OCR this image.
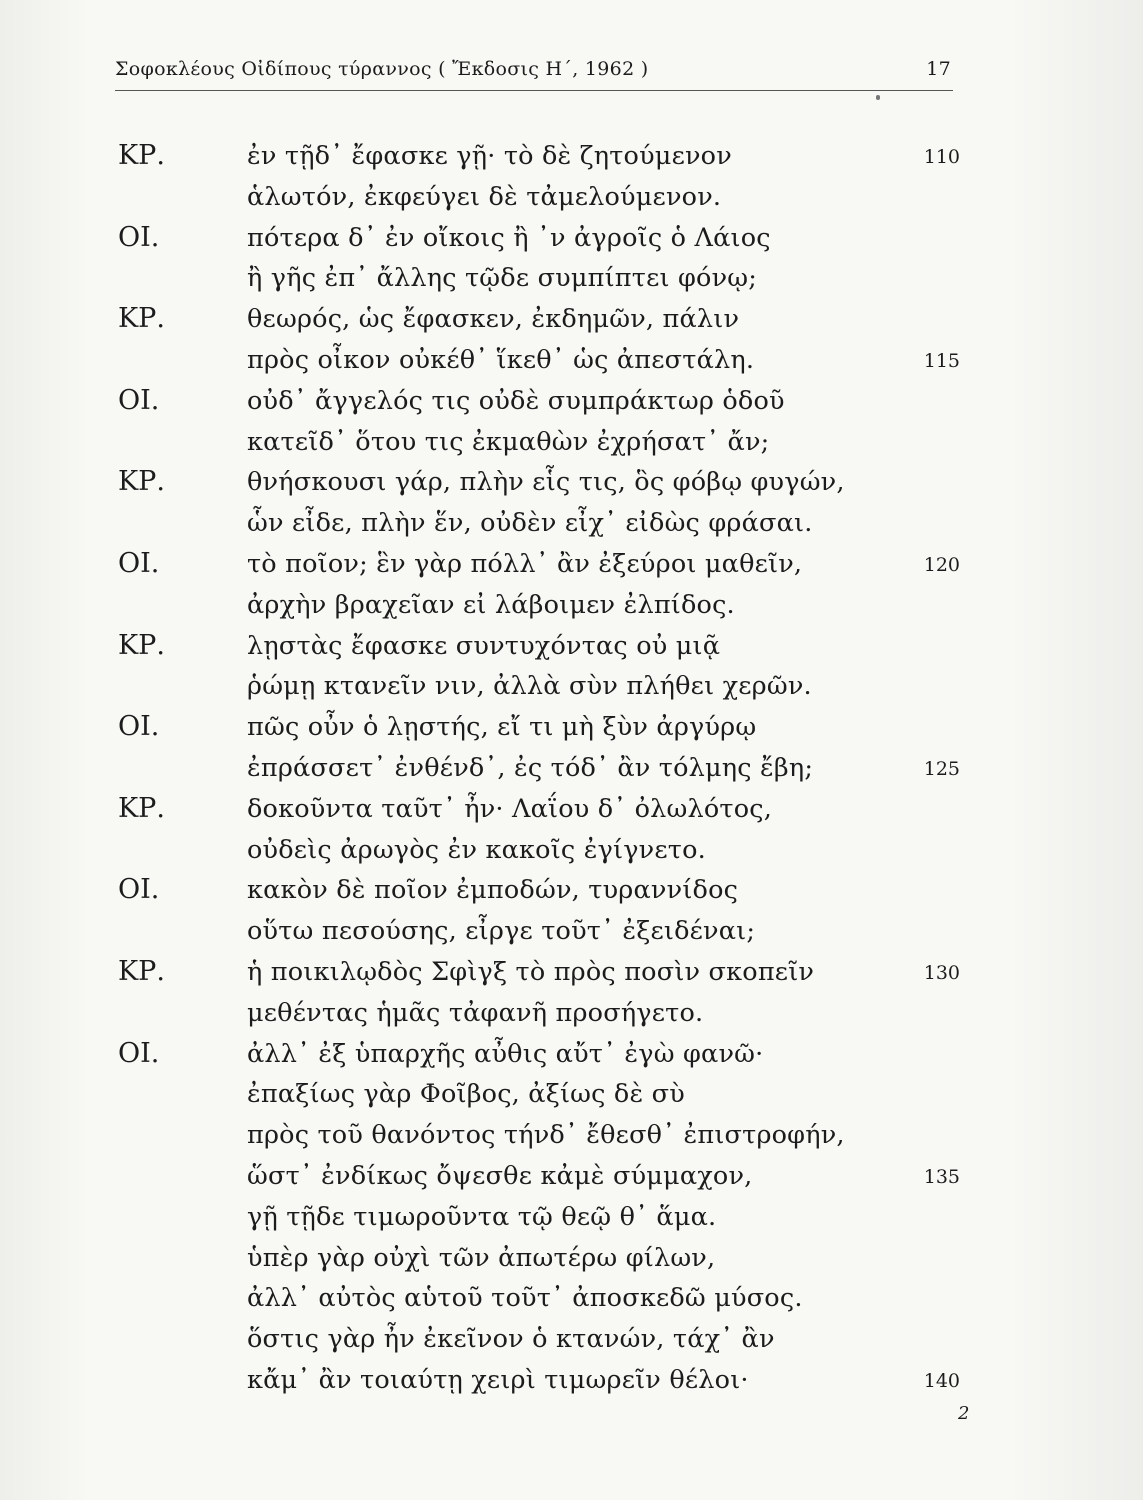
Σοφοκλέους Οἰδίπους τύραννος ( Ἔκδοσις Η΄, 1962 )	17
ΚΡ.	ἐν τῇδ᾽ ἔφασκε γῇ· τὸ δὲ ζητούμενον	110
ἁλωτόν, ἐκφεύγει δὲ τἀμελούμενον.
ΟΙ.	πότερα δ᾽ ἐν οἴκοις ἢ ᾽ν ἀγροῖς ὁ Λάιος
ἢ γῆς ἐπ᾽ ἄλλης τῷδε συμπίπτει φόνῳ;
ΚΡ.	θεωρός, ὡς ἔφασκεν, ἐκδημῶν, πάλιν
πρὸς οἶκον οὐκέθ᾽ ἵκεθ᾽ ὡς ἀπεστάλη.	115
ΟΙ.	οὐδ᾽ ἄγγελός τις οὐδὲ συμπράκτωρ ὁδοῦ
κατεῖδ᾽ ὅτου τις ἐκμαθὼν ἐχρήσατ᾽ ἄν;
ΚΡ.	θνήσκουσι γάρ, πλὴν εἷς τις, ὃς φόβῳ φυγών,
ὧν εἶδε, πλὴν ἕν, οὐδὲν εἶχ᾽ εἰδὼς φράσαι.
ΟΙ.	τὸ ποῖον; ἓν γὰρ πόλλ᾽ ἂν ἐξεύροι μαθεῖν,	120
ἀρχὴν βραχεῖαν εἰ λάβοιμεν ἐλπίδος.
ΚΡ.	λῃστὰς ἔφασκε συντυχόντας οὐ μιᾷ
ῥώμῃ κτανεῖν νιν, ἀλλὰ σὺν πλήθει χερῶν.
ΟΙ.	πῶς οὖν ὁ λῃστής, εἴ τι μὴ ξὺν ἀργύρῳ
ἐπράσσετ᾽ ἐνθένδ᾽, ἐς τόδ᾽ ἂν τόλμης ἔβη;	125
ΚΡ.	δοκοῦντα ταῦτ᾽ ἦν· Λαΐου δ᾽ ὀλωλότος,
οὐδεὶς ἀρωγὸς ἐν κακοῖς ἐγίγνετο.
ΟΙ.	κακὸν δὲ ποῖον ἐμποδών, τυραννίδος
οὕτω πεσούσης, εἶργε τοῦτ᾽ ἐξειδέναι;
ΚΡ.	ἡ ποικιλῳδὸς Σφὶγξ τὸ πρὸς ποσὶν σκοπεῖν	130
μεθέντας ἡμᾶς τἀφανῆ προσήγετο.
ΟΙ.	ἀλλ᾽ ἐξ ὑπαρχῆς αὖθις αὔτ᾽ ἐγὼ φανῶ·
ἐπαξίως γὰρ Φοῖβος, ἀξίως δὲ σὺ
πρὸς τοῦ θανόντος τήνδ᾽ ἔθεσθ᾽ ἐπιστροφήν,
ὥστ᾽ ἐνδίκως ὄψεσθε κἀμὲ σύμμαχον,	135
γῇ τῇδε τιμωροῦντα τῷ θεῷ θ᾽ ἅμα.
ὑπὲρ γὰρ οὐχὶ τῶν ἀπωτέρω φίλων,
ἀλλ᾽ αὐτὸς αὑτοῦ τοῦτ᾽ ἀποσκεδῶ μύσος.
ὅστις γὰρ ἦν ἐκεῖνον ὁ κτανών, τάχ᾽ ἂν
κἄμ᾽ ἂν τοιαύτῃ χειρὶ τιμωρεῖν θέλοι·	140
2
